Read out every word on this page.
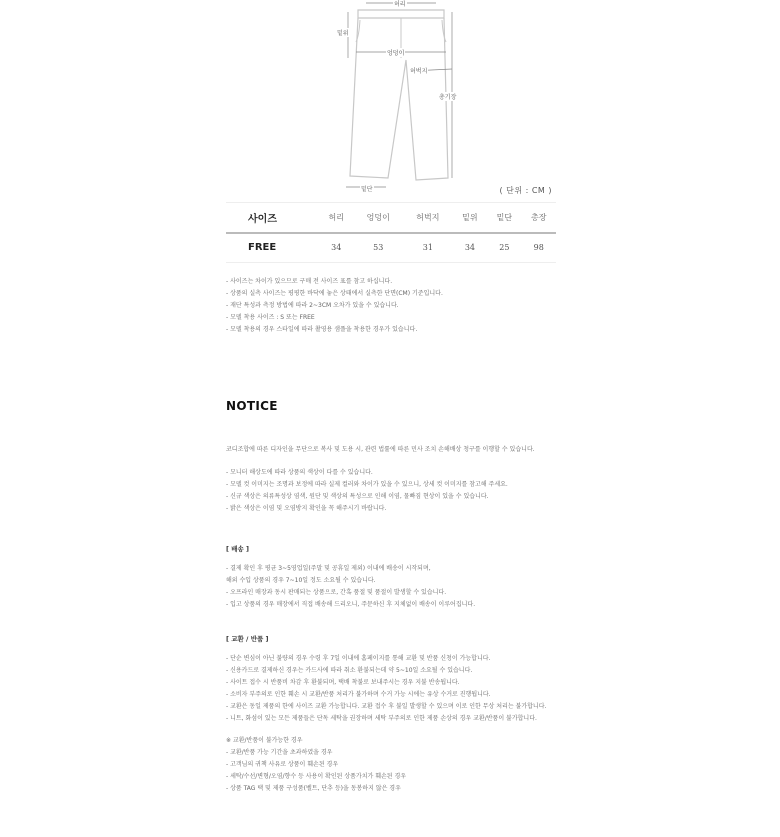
허리
밑위
엉덩이
허벅지
총기장
밑단	( 단위 : CM )
사이즈	허리	엉덩이	허벅지	밑위	밑단	총장
FREE	34	53	31	34	25	98
- 사이즈는 차이가 있으므로 구매 전 사이즈 표를 참고 하십니다.
- 상품의 실측 사이즈는 평평한 바닥에 놓은 상태에서 실측한 단면(CM) 기준입니다.
- 재단 특성과 측정 방법에 따라 2~3CM 오차가 있을 수 있습니다.
- 모델 착용 사이즈 : S 또는 FREE
- 모델 착용의 경우 스타일에 따라 촬영용 샘플을 착용한 경우가 있습니다.
NOTICE
코디조합에 따른 디자인을 무단으로 복사 및 도용 시, 관련 법률에 따른 민사 조치 손해배상 청구를 이행할 수 있습니다.
- 모니터 해상도에 따라 상품의 색상이 다를 수 있습니다.
- 모델 컷 이미지는 조명과 보정에 따라 실제 컬러와 차이가 있을 수 있으니, 상세 컷 이미지를 참고해 주세요.
- 신규 색상은 의류특성상 염색, 원단 및 색상의 특성으로 인해 이염, 물빠짐 현상이 있을 수 있습니다.
- 밝은 색상은 이염 및 오염방지 확인을 꼭 해주시기 바랍니다.
[ 배송 ]
- 결제 확인 후 평균 3~5영업일(주말 및 공휴일 제외) 이내에 배송이 시작되며,
해외 수입 상품의 경우 7~10일 정도 소요될 수 있습니다.
- 오프라인 매장과 동시 판매되는 상품으로, 간혹 품절 및 품절이 발생할 수 있습니다.
- 입고 상품의 경우 매장에서 직접 배송해 드리오니, 주문하신 후 지체없이 배송이 이루어집니다.
[ 교환 / 반품 ]
- 단순 변심이 아닌 불량의 경우 수령 후 7일 이내에 홈페이지를 통해 교환 및 반품 신청이 가능합니다.
- 신용카드로 결제하신 경우는 카드사에 따라 취소 환불되는데 약 5~10일 소요될 수 있습니다.
- 사이트 접수 시 반품비 차감 후 환불되며, 택배 착불로 보내주시는 경우 지불 반송됩니다.
- 소비자 부주의로 인한 훼손 시 교환/반품 처리가 불가하며 수거 가능 시에는 유상 수거로 진행됩니다.
- 교환은 동일 제품의 한에 사이즈 교환 가능합니다. 교환 접수 후 불일 발생할 수 있으며 이로 인한 무상 처리는 불가합니다.
- 니트, 화섬이 있는 모든 제품들은 단독 세탁을 권장하며 세탁 부주의로 인한 제품 손상의 경우 교환/반품이 불가합니다.
※ 교환/반품이 불가능한 경우
- 교환/반품 가능 기간을 초과하였을 경우
- 고객님의 귀책 사유로 상품이 훼손된 경우
- 세탁/수선/변형/오염/향수 등 사용이 확인된 상품가치가 훼손된 경우
- 상품 TAG 택 및 제품 구성품(벨트, 단추 등)을 동봉하지 않은 경우
